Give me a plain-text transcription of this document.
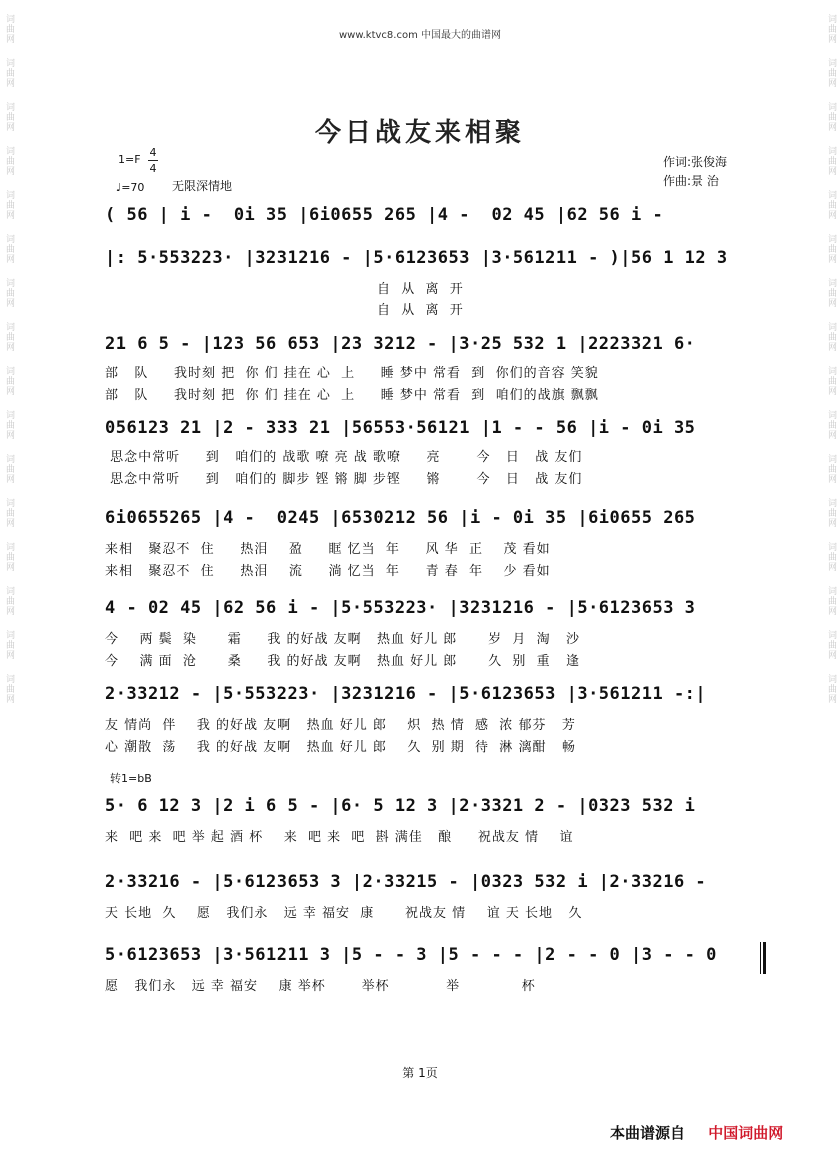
词曲网
词曲网
词曲网
词曲网
词曲网
词曲网
词曲网
词曲网
词曲网
词曲网
词曲网
词曲网
词曲网
词曲网
词曲网
词曲网
词曲网
词曲网
词曲网
词曲网
词曲网
词曲网
词曲网
词曲网
词曲网
词曲网
词曲网
词曲网
词曲网
词曲网
词曲网
词曲网
www.ktvc8.com 中国最大的曲谱网
今日战友来相聚
1=F
4
4
♩=70 无限深情地
作词:张俊海
作曲:景 治
( 56 | i -  0i 35 |6i0655 265 |4 -  02 45 |62 56 i -
|: 5·553223· |3231216 - |5·6123653 |3·561211 - )|56 1 12 3
自  从  离  开
自  从  离  开
21 6 5 - |123 56 653 |23 3212 - |3·25 532 1 |2223321 6·
部   队     我时刻 把  你 们 挂在 心  上     睡 梦中 常看  到  你们的音容 笑貌
部   队     我时刻 把  你 们 挂在 心  上     睡 梦中 常看  到  咱们的战旗 飘飘
056123 21 |2 - 333 21 |56553·56121 |1 - - 56 |i - 0i 35
思念中常听     到   咱们的 战歌 嘹 亮 战 歌嘹     亮       今   日   战 友们
思念中常听     到   咱们的 脚步 铿 锵 脚 步铿     锵       今   日   战 友们
6i0655265 |4 -  0245 |6530212 56 |i - 0i 35 |6i0655 265
来相   聚忍不  住     热泪    盈     眶 忆当  年     风 华  正    茂 看如
来相   聚忍不  住     热泪    流     淌 忆当  年     青 春  年    少 看如
4 - 02 45 |62 56 i - |5·553223· |3231216 - |5·6123653 3
今    两 鬓  染      霜     我 的好战 友啊   热血 好儿 郎      岁  月  淘   沙
今    满 面  沧      桑     我 的好战 友啊   热血 好儿 郎      久  别  重   逢
2·33212 - |5·553223· |3231216 - |5·6123653 |3·561211 -:|
友 情尚  伴    我 的好战 友啊   热血 好儿 郎    炽  热 情  感  浓 郁芬   芳
心 潮散  荡    我 的好战 友啊   热血 好儿 郎    久  别 期  待  淋 漓酣   畅
转1=bB
5· 6 12 3 |2 i 6 5 - |6· 5 12 3 |2·3321 2 - |0323 532 i
来  吧 来  吧 举 起 酒 杯    来  吧 来  吧  斟 满佳   酿     祝战友 情    谊
2·33216 - |5·6123653 3 |2·33215 - |0323 532 i |2·33216 -
天 长地  久    愿   我们永   远 幸 福安  康      祝战友 情    谊 天 长地   久
5·6123653 |3·561211 3 |5 - - 3 |5 - - - |2 - - 0 |3 - - 0
愿   我们永   远 幸 福安    康 举杯       举杯           举            杯
第 1页
本曲谱源自 中国词曲网
